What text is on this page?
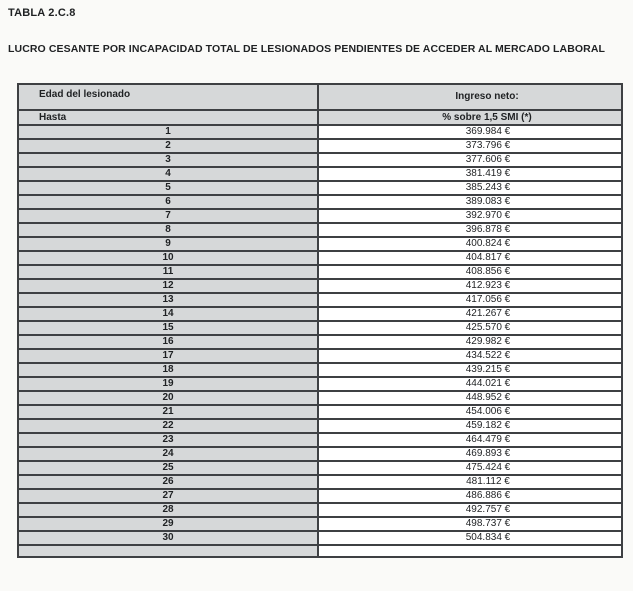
TABLA 2.C.8
LUCRO CESANTE POR INCAPACIDAD TOTAL DE LESIONADOS PENDIENTES DE ACCEDER AL MERCADO LABORAL
Edad del lesionado	Ingreso neto:
Hasta	% sobre 1,5 SMI (*)
1	369.984 €
2	373.796 €
3	377.606 €
4	381.419 €
5	385.243 €
6	389.083 €
7	392.970 €
8	396.878 €
9	400.824 €
10	404.817 €
11	408.856 €
12	412.923 €
13	417.056 €
14	421.267 €
15	425.570 €
16	429.982 €
17	434.522 €
18	439.215 €
19	444.021 €
20	448.952 €
21	454.006 €
22	459.182 €
23	464.479 €
24	469.893 €
25	475.424 €
26	481.112 €
27	486.886 €
28	492.757 €
29	498.737 €
30	504.834 €
